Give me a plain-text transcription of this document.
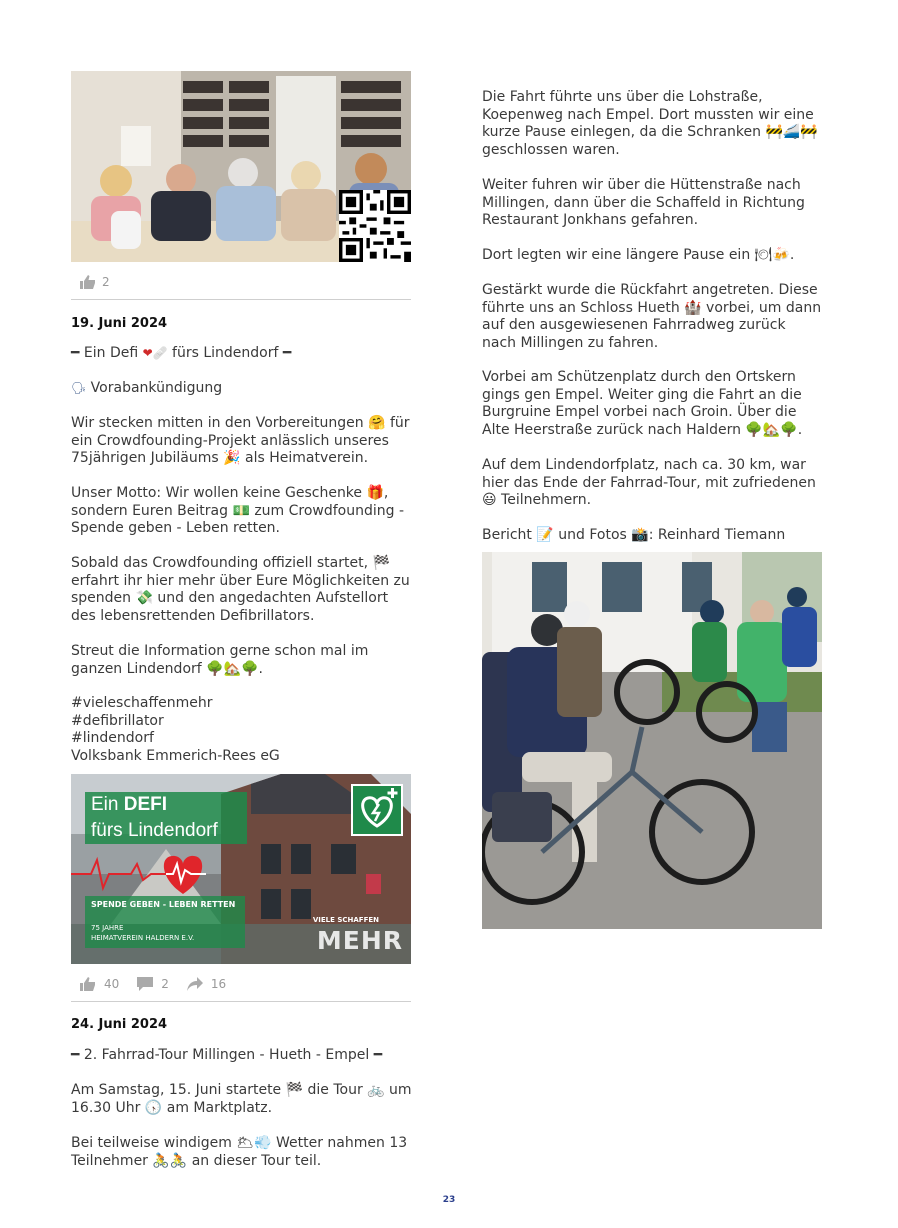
2
19. Juni 2024
━ Ein Defi ❤🩹 fürs Lindendorf ━
🗣 Vorabankündigung
Wir stecken mitten in den Vorbereitungen 🤗 für ein Crowdfounding-Projekt anlässlich unseres 75jährigen Jubiläums 🎉 als Heimatverein.
Unser Motto: Wir wollen keine Geschenke 🎁, sondern Euren Beitrag 💵 zum Crowdfounding - Spende geben - Leben retten.
Sobald das Crowdfounding offiziell startet, 🏁 erfahrt ihr hier mehr über Eure Möglichkeiten zu spenden 💸 und den angedachten Aufstellort des lebensrettenden Defibrillators.
Streut die Information gerne schon mal im ganzen Lindendorf 🌳🏡🌳.
#vieleschaffenmehr
#defibrillator
#lindendorf
Volksbank Emmerich-Rees eG
Ein DEFI
fürs Lindendorf
SPENDE GEBEN - LEBEN RETTEN
75 JAHRE
HEIMATVEREIN HALDERN E.V.
VIELE SCHAFFEN
MEHR
40	2	16
24. Juni 2024
━ 2. Fahrrad-Tour Millingen - Hueth - Empel ━
Am Samstag, 15. Juni startete 🏁 die Tour 🚲 um 16.30 Uhr 🕟 am Marktplatz.
Bei teilweise windigem 🌥💨 Wetter nahmen 13 Teilnehmer 🚴🚴 an dieser Tour teil.
Die Fahrt führte uns über die Lohstraße, Koepenweg nach Empel. Dort mussten wir eine kurze Pause einlegen, da die Schranken 🚧🚄🚧 geschlossen waren.
Weiter fuhren wir über die Hüttenstraße nach Millingen, dann über die Schaffeld in Richtung Restaurant Jonkhans gefahren.
Dort legten wir eine längere Pause ein 🍽🍻.
Gestärkt wurde die Rückfahrt angetreten. Diese führte uns an Schloss Hueth 🏰 vorbei, um dann auf den ausgewiesenen Fahrradweg zurück nach Millingen zu fahren.
Vorbei am Schützenplatz durch den Ortskern gings gen Empel. Weiter ging die Fahrt an die Burgruine Empel vorbei nach Groin. Über die Alte Heerstraße zurück nach Haldern 🌳🏡🌳.
Auf dem Lindendorfplatz, nach ca. 30 km, war hier das Ende der Fahrrad-Tour, mit zufriedenen 😃 Teilnehmern.
Bericht 📝 und Fotos 📸: Reinhard Tiemann
23
